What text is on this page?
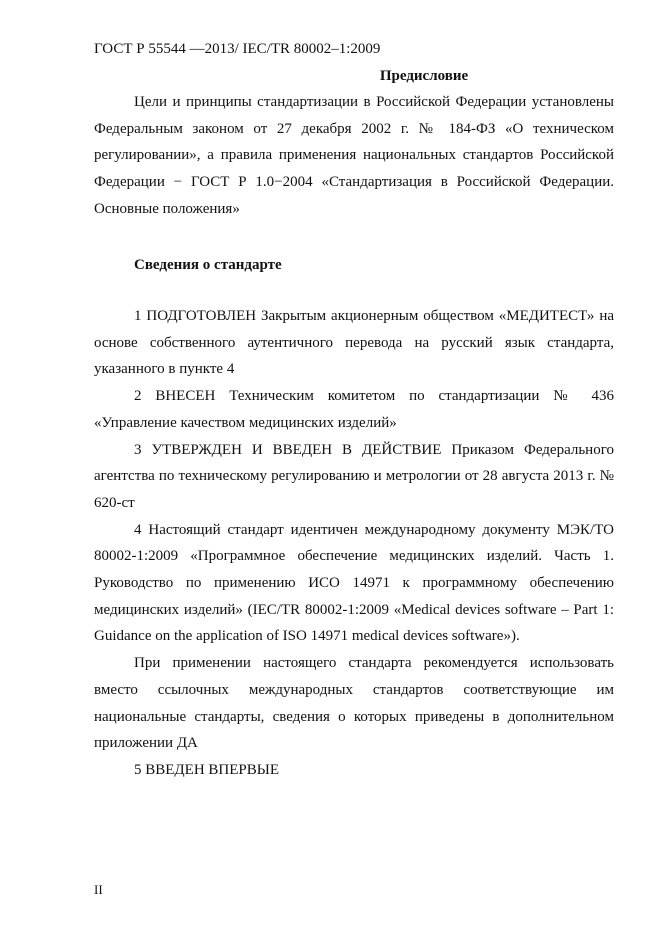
ГОСТ Р 55544 —2013/ IEC/TR 80002–1:2009
Предисловие

Цели и принципы стандартизации в Российской Федерации установлены Федеральным законом от 27 декабря 2002 г. № 184-ФЗ «О техническом регулировании», а правила применения национальных стандартов Российской Федерации − ГОСТ Р 1.0−2004 «Стандартизация в Российской Федерации. Основные положения»

Сведения о стандарте

1 ПОДГОТОВЛЕН Закрытым акционерным обществом «МЕДИТЕСТ» на основе собственного аутентичного перевода на русский язык стандарта, указанного в пункте 4

2 ВНЕСЕН Техническим комитетом по стандартизации № 436 «Управление качеством медицинских изделий»

3 УТВЕРЖДЕН И ВВЕДЕН В ДЕЙСТВИЕ Приказом Федерального агентства по техническому регулированию и метрологии от 28 августа 2013 г. № 620-ст

4 Настоящий стандарт идентичен международному документу МЭК/ТО 80002-1:2009 «Программное обеспечение медицинских изделий. Часть 1. Руководство по применению ИСО 14971 к программному обеспечению медицинских изделий» (IEC/TR 80002-1:2009 «Medical devices software – Part 1: Guidance on the application of ISO 14971 medical devices software»).

При применении настоящего стандарта рекомендуется использовать вместо ссылочных международных стандартов соответствующие им национальные стандарты, сведения о которых приведены в дополнительном приложении ДА

5 ВВЕДЕН ВПЕРВЫЕ

II
